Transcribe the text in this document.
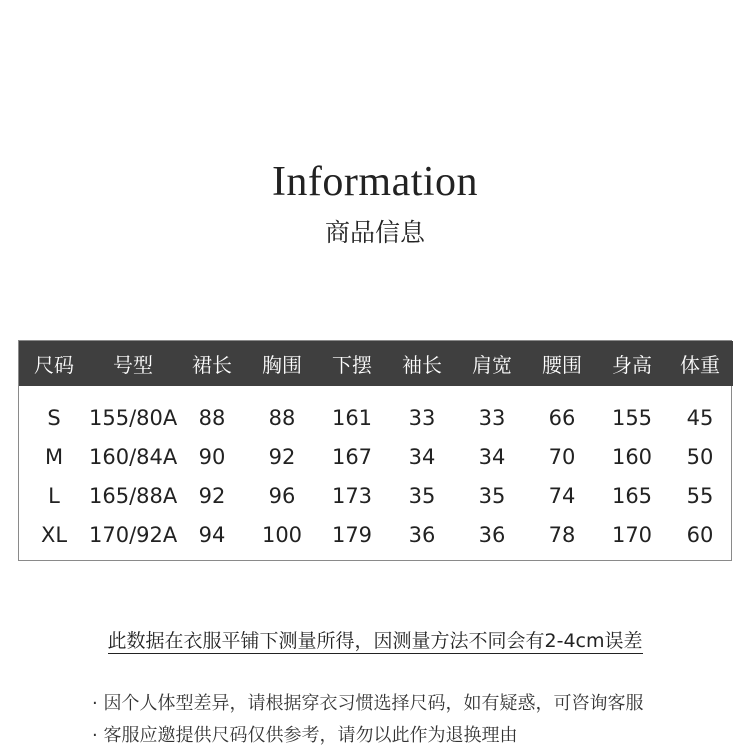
Information
商品信息
尺码	号型	裙长	胸围	下摆	袖长	肩宽	腰围	身高	体重
S	155/80A	88	88	161	33	33	66	155	45
M	160/84A	90	92	167	34	34	70	160	50
L	165/88A	92	96	173	35	35	74	165	55
XL	170/92A	94	100	179	36	36	78	170	60
此数据在衣服平铺下测量所得，因测量方法不同会有2-4cm误差
· 因个人体型差异，请根据穿衣习惯选择尺码，如有疑惑，可咨询客服
· 客服应邀提供尺码仅供参考，请勿以此作为退换理由
